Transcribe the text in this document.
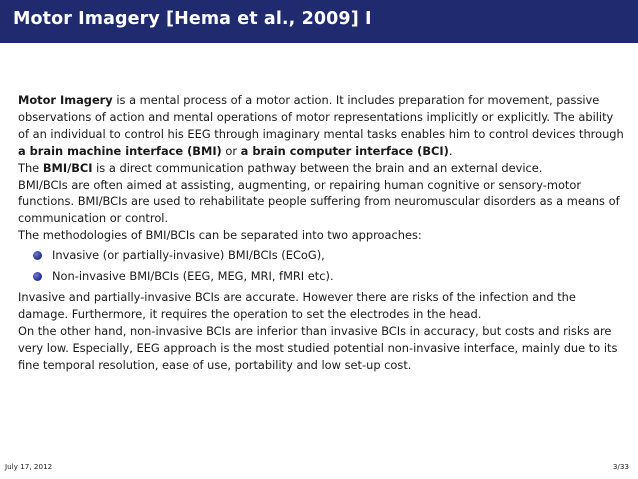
Motor Imagery [Hema et al., 2009] I

Motor Imagery is a mental process of a motor action. It includes preparation for movement, passive observations of action and mental operations of motor representations implicitly or explicitly. The ability of an individual to control his EEG through imaginary mental tasks enables him to control devices through a brain machine interface (BMI) or a brain computer interface (BCI).

The BMI/BCI is a direct communication pathway between the brain and an external device.

BMI/BCIs are often aimed at assisting, augmenting, or repairing human cognitive or sensory-motor functions. BMI/BCIs are used to rehabilitate people suffering from neuromuscular disorders as a means of communication or control.

The methodologies of BMI/BCIs can be separated into two approaches:

Invasive (or partially-invasive) BMI/BCIs (ECoG),
Non-invasive BMI/BCIs (EEG, MEG, MRI, fMRI etc).

Invasive and partially-invasive BCIs are accurate. However there are risks of the infection and the damage. Furthermore, it requires the operation to set the electrodes in the head.

On the other hand, non-invasive BCIs are inferior than invasive BCIs in accuracy, but costs and risks are very low. Especially, EEG approach is the most studied potential non-invasive interface, mainly due to its fine temporal resolution, ease of use, portability and low set-up cost.

July 17, 2012	3/33
